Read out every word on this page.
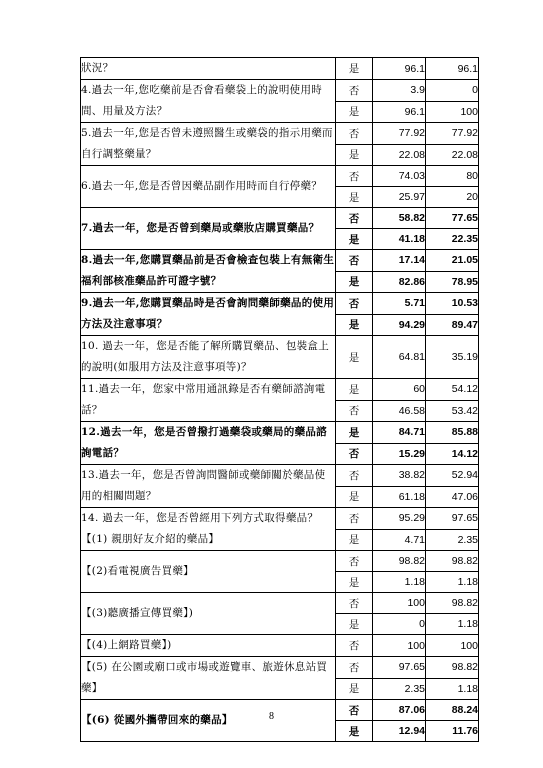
狀況？	是	96.1	96.1
4.過去一年,您吃藥前是否會看藥袋上的說明使用時間、用量及方法？	否	3.9	0
	是	96.1	100
5.過去一年,您是否曾未遵照醫生或藥袋的指示用藥而自行調整藥量？	否	77.92	77.92
	是	22.08	22.08
6.過去一年,您是否曾因藥品副作用時而自行停藥？	否	74.03	80
	是	25.97	20
7.過去一年，您是否曾到藥局或藥妝店購買藥品？	否	58.82	77.65
	是	41.18	22.35
8.過去一年,您購買藥品前是否會檢查包裝上有無衛生福利部核准藥品許可證字號？	否	17.14	21.05
	是	82.86	78.95
9.過去一年,您購買藥品時是否會詢問藥師藥品的使用方法及注意事項？	否	5.71	10.53
	是	94.29	89.47
10. 過去一年，您是否能了解所購買藥品、包裝盒上的說明(如服用方法及注意事項等)？	是	64.81	35.19
11.過去一年，您家中常用通訊錄是否有藥師諮詢電話？	是	60	54.12
	否	46.58	53.42
12.過去一年，您是否曾撥打過藥袋或藥局的藥品諮詢電話？	是	84.71	85.88
	否	15.29	14.12
13.過去一年，您是否曾詢問醫師或藥師關於藥品使用的相關問題？	否	38.82	52.94
	是	61.18	47.06
14. 過去一年，您是否曾經用下列方式取得藥品？【(1) 親朋好友介紹的藥品】	否	95.29	97.65
	是	4.71	2.35
【(2)看電視廣告買藥】	否	98.82	98.82
	是	1.18	1.18
【(3)聽廣播宣傳買藥】)	否	100	98.82
	是	0	1.18
【(4)上網路買藥】)	否	100	100
【(5) 在公園或廟口或市場或遊覽車、旅遊休息站買藥】	否	97.65	98.82
	是	2.35	1.18
【(6) 從國外攜帶回來的藥品】	否	87.06	88.24
	是	12.94	11.76
8
